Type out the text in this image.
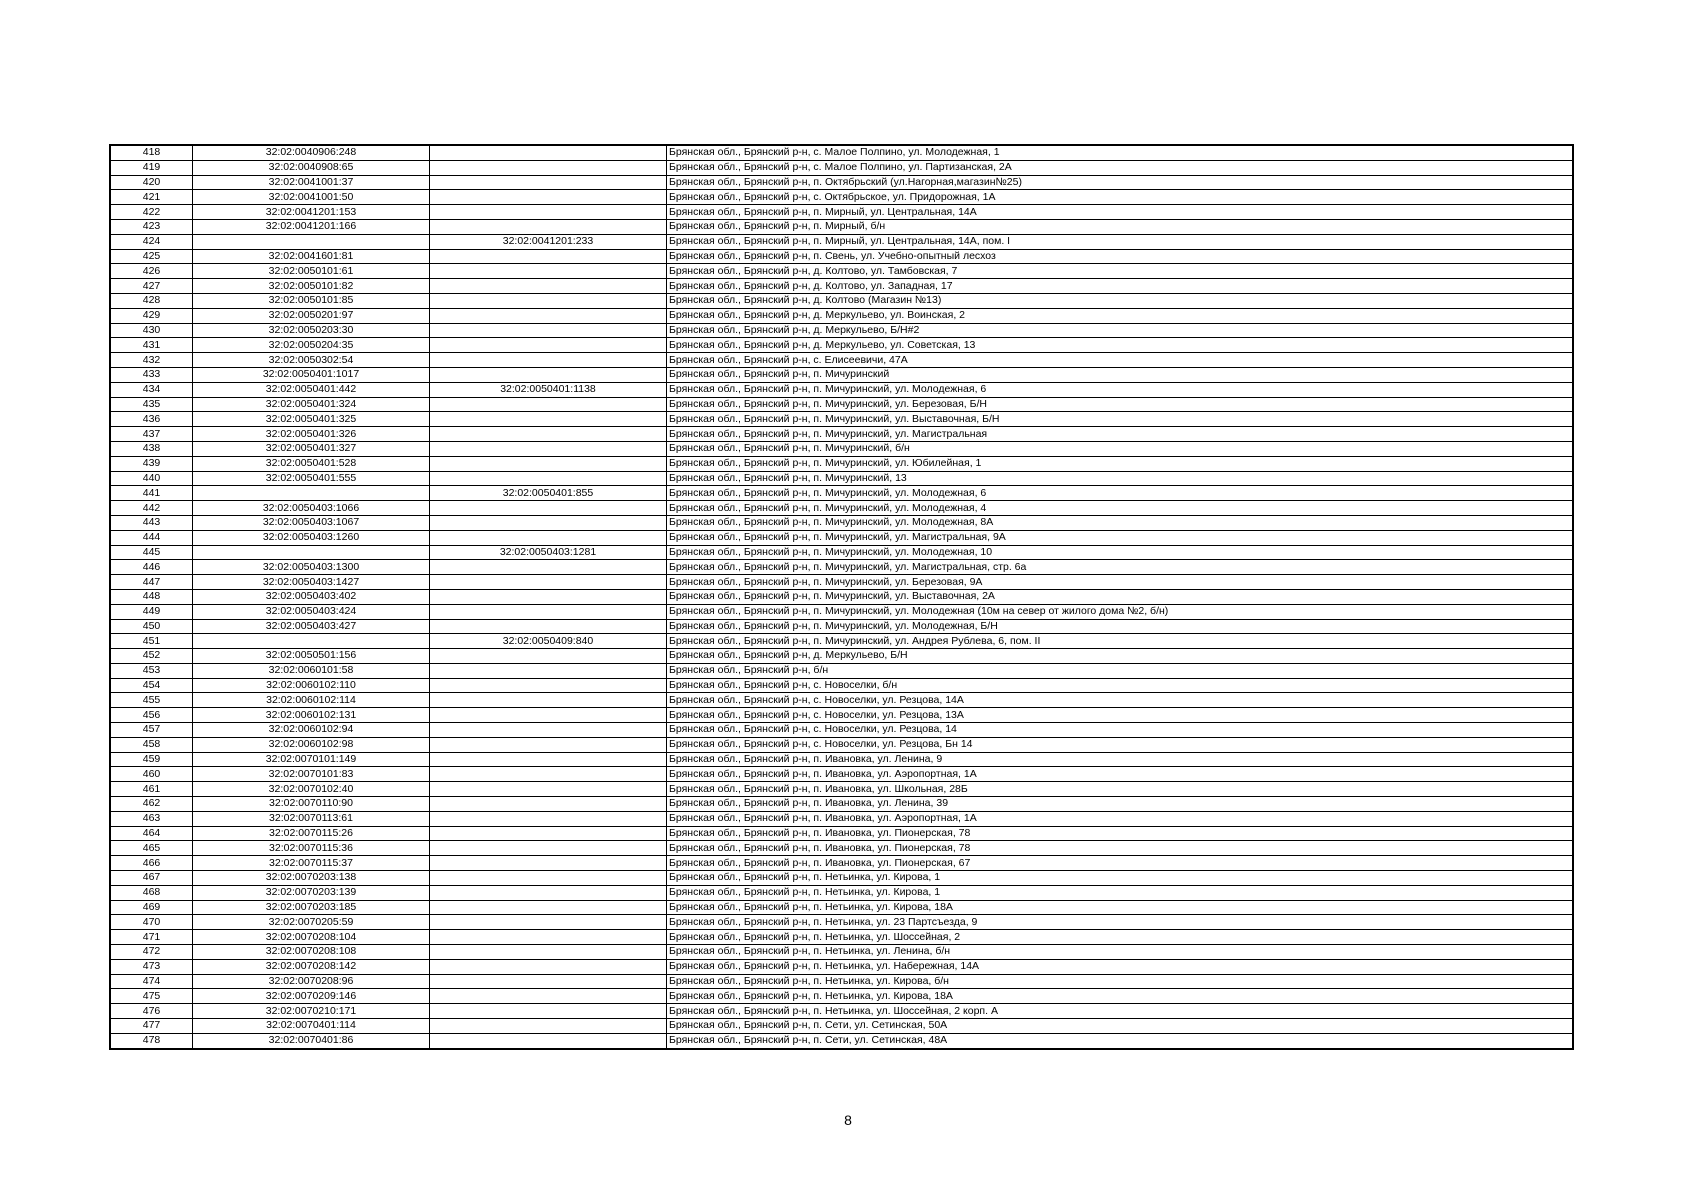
418	32:02:0040906:248		Брянская обл., Брянский р-н, с. Малое Полпино, ул. Молодежная, 1
419	32:02:0040908:65		Брянская обл., Брянский р-н, с. Малое Полпино, ул. Партизанская, 2А
420	32:02:0041001:37		Брянская обл., Брянский р-н, п. Октябрьский (ул.Нагорная,магазин№25)
421	32:02:0041001:50		Брянская обл., Брянский р-н, с. Октябрьское, ул. Придорожная, 1А
422	32:02:0041201:153		Брянская обл., Брянский р-н, п. Мирный, ул. Центральная, 14А
423	32:02:0041201:166		Брянская обл., Брянский р-н, п. Мирный, б/н
424		32:02:0041201:233	Брянская обл., Брянский р-н, п. Мирный, ул. Центральная, 14А, пом. I
425	32:02:0041601:81		Брянская обл., Брянский р-н, п. Свень, ул. Учебно-опытный лесхоз
426	32:02:0050101:61		Брянская обл., Брянский р-н, д. Колтово, ул. Тамбовская, 7
427	32:02:0050101:82		Брянская обл., Брянский р-н, д. Колтово, ул. Западная, 17
428	32:02:0050101:85		Брянская обл., Брянский р-н, д. Колтово (Магазин №13)
429	32:02:0050201:97		Брянская обл., Брянский р-н, д. Меркульево, ул. Воинская, 2
430	32:02:0050203:30		Брянская обл., Брянский р-н, д. Меркульево, Б/Н#2
431	32:02:0050204:35		Брянская обл., Брянский р-н, д. Меркульево, ул. Советская, 13
432	32:02:0050302:54		Брянская обл., Брянский р-н, с. Елисеевичи, 47А
433	32:02:0050401:1017		Брянская обл., Брянский р-н, п. Мичуринский
434	32:02:0050401:442	32:02:0050401:1138	Брянская обл., Брянский р-н, п. Мичуринский, ул. Молодежная, 6
435	32:02:0050401:324		Брянская обл., Брянский р-н, п. Мичуринский, ул. Березовая, Б/Н
436	32:02:0050401:325		Брянская обл., Брянский р-н, п. Мичуринский, ул. Выставочная, Б/Н
437	32:02:0050401:326		Брянская обл., Брянский р-н, п. Мичуринский, ул. Магистральная
438	32:02:0050401:327		Брянская обл., Брянский р-н, п. Мичуринский, б/н
439	32:02:0050401:528		Брянская обл., Брянский р-н, п. Мичуринский, ул. Юбилейная, 1
440	32:02:0050401:555		Брянская обл., Брянский р-н, п. Мичуринский, 13
441		32:02:0050401:855	Брянская обл., Брянский р-н, п. Мичуринский, ул. Молодежная, 6
442	32:02:0050403:1066		Брянская обл., Брянский р-н, п. Мичуринский, ул. Молодежная, 4
443	32:02:0050403:1067		Брянская обл., Брянский р-н, п. Мичуринский, ул. Молодежная, 8А
444	32:02:0050403:1260		Брянская обл., Брянский р-н, п. Мичуринский, ул. Магистральная, 9А
445		32:02:0050403:1281	Брянская обл., Брянский р-н, п. Мичуринский, ул. Молодежная, 10
446	32:02:0050403:1300		Брянская обл., Брянский р-н, п. Мичуринский, ул. Магистральная, стр. 6а
447	32:02:0050403:1427		Брянская обл., Брянский р-н, п. Мичуринский, ул. Березовая, 9А
448	32:02:0050403:402		Брянская обл., Брянский р-н, п. Мичуринский, ул. Выставочная, 2А
449	32:02:0050403:424		Брянская обл., Брянский р-н, п. Мичуринский, ул. Молодежная (10м на север от жилого дома №2, б/н)
450	32:02:0050403:427		Брянская обл., Брянский р-н, п. Мичуринский, ул. Молодежная, Б/Н
451		32:02:0050409:840	Брянская обл., Брянский р-н, п. Мичуринский, ул. Андрея Рублева, 6, пом. II
452	32:02:0050501:156		Брянская обл., Брянский р-н, д. Меркульево, Б/Н
453	32:02:0060101:58		Брянская обл., Брянский р-н, б/н
454	32:02:0060102:110		Брянская обл., Брянский р-н, с. Новоселки, б/н
455	32:02:0060102:114		Брянская обл., Брянский р-н, с. Новоселки, ул. Резцова, 14А
456	32:02:0060102:131		Брянская обл., Брянский р-н, с. Новоселки, ул. Резцова, 13А
457	32:02:0060102:94		Брянская обл., Брянский р-н, с. Новоселки, ул. Резцова, 14
458	32:02:0060102:98		Брянская обл., Брянский р-н, с. Новоселки, ул. Резцова, Бн 14
459	32:02:0070101:149		Брянская обл., Брянский р-н, п. Ивановка, ул. Ленина, 9
460	32:02:0070101:83		Брянская обл., Брянский р-н, п. Ивановка, ул. Аэропортная, 1А
461	32:02:0070102:40		Брянская обл., Брянский р-н, п. Ивановка, ул. Школьная, 28Б
462	32:02:0070110:90		Брянская обл., Брянский р-н, п. Ивановка, ул. Ленина, 39
463	32:02:0070113:61		Брянская обл., Брянский р-н, п. Ивановка, ул. Аэропортная, 1А
464	32:02:0070115:26		Брянская обл., Брянский р-н, п. Ивановка, ул. Пионерская, 78
465	32:02:0070115:36		Брянская обл., Брянский р-н, п. Ивановка, ул. Пионерская, 78
466	32:02:0070115:37		Брянская обл., Брянский р-н, п. Ивановка, ул. Пионерская, 67
467	32:02:0070203:138		Брянская обл., Брянский р-н, п. Нетьинка, ул. Кирова, 1
468	32:02:0070203:139		Брянская обл., Брянский р-н, п. Нетьинка, ул. Кирова, 1
469	32:02:0070203:185		Брянская обл., Брянский р-н, п. Нетьинка, ул. Кирова, 18А
470	32:02:0070205:59		Брянская обл., Брянский р-н, п. Нетьинка, ул. 23 Партсъезда, 9
471	32:02:0070208:104		Брянская обл., Брянский р-н, п. Нетьинка, ул. Шоссейная, 2
472	32:02:0070208:108		Брянская обл., Брянский р-н, п. Нетьинка, ул. Ленина, б/н
473	32:02:0070208:142		Брянская обл., Брянский р-н, п. Нетьинка, ул. Набережная, 14А
474	32:02:0070208:96		Брянская обл., Брянский р-н, п. Нетьинка, ул. Кирова, б/н
475	32:02:0070209:146		Брянская обл., Брянский р-н, п. Нетьинка, ул. Кирова, 18А
476	32:02:0070210:171		Брянская обл., Брянский р-н, п. Нетьинка, ул. Шоссейная, 2 корп. А
477	32:02:0070401:114		Брянская обл., Брянский р-н, п. Сети, ул. Сетинская, 50А
478	32:02:0070401:86		Брянская обл., Брянский р-н, п. Сети, ул. Сетинская, 48А
8
